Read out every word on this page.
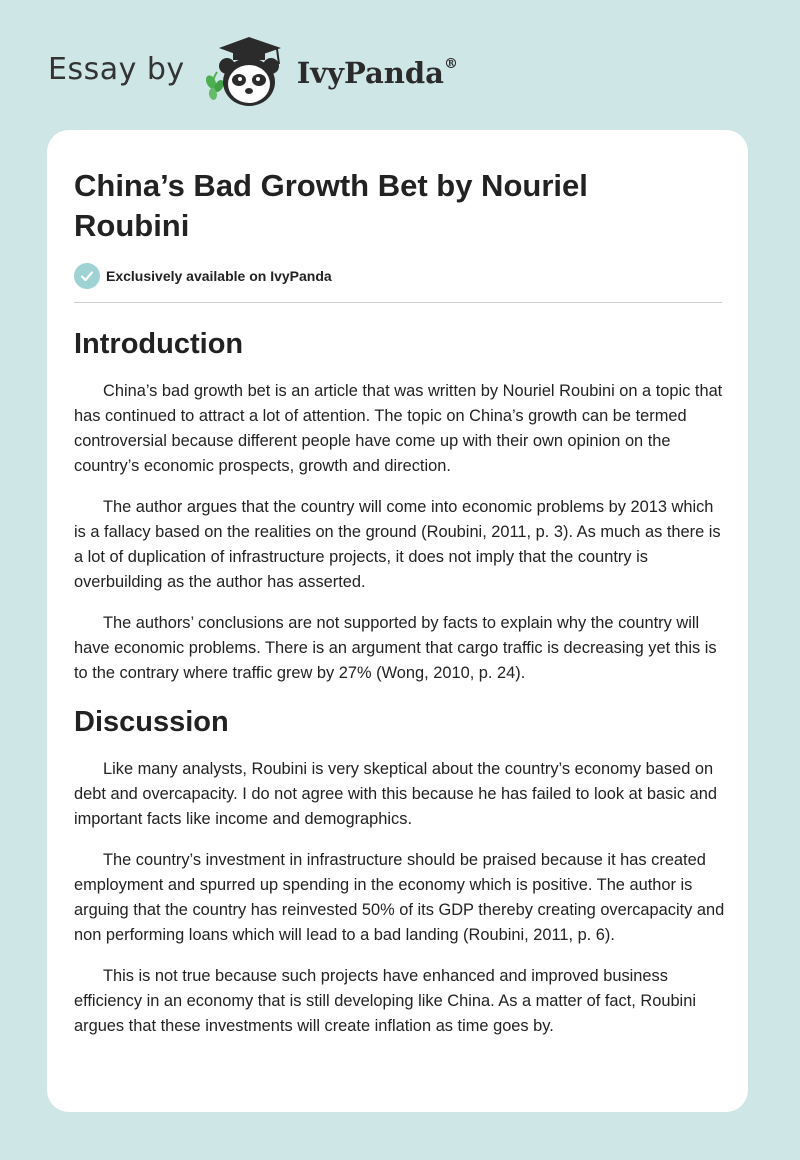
Essay by	IvyPanda®
China’s Bad Growth Bet by Nouriel Roubini
Exclusively available on IvyPanda
Introduction

China’s bad growth bet is an article that was written by Nouriel Roubini on a topic that has continued to attract a lot of attention. The topic on China’s growth can be termed controversial because different people have come up with their own opinion on the country’s economic prospects, growth and direction.

The author argues that the country will come into economic problems by 2013 which is a fallacy based on the realities on the ground (Roubini, 2011, p. 3). As much as there is a lot of duplication of infrastructure projects, it does not imply that the country is overbuilding as the author has asserted.

The authors’ conclusions are not supported by facts to explain why the country will have economic problems. There is an argument that cargo traffic is decreasing yet this is to the contrary where traffic grew by 27% (Wong, 2010, p. 24).

Discussion

Like many analysts, Roubini is very skeptical about the country’s economy based on debt and overcapacity. I do not agree with this because he has failed to look at basic and important facts like income and demographics.

The country’s investment in infrastructure should be praised because it has created employment and spurred up spending in the economy which is positive. The author is arguing that the country has reinvested 50% of its GDP thereby creating overcapacity and non performing loans which will lead to a bad landing (Roubini, 2011, p. 6).

This is not true because such projects have enhanced and improved business efficiency in an economy that is still developing like China. As a matter of fact, Roubini argues that these investments will create inflation as time goes by.
